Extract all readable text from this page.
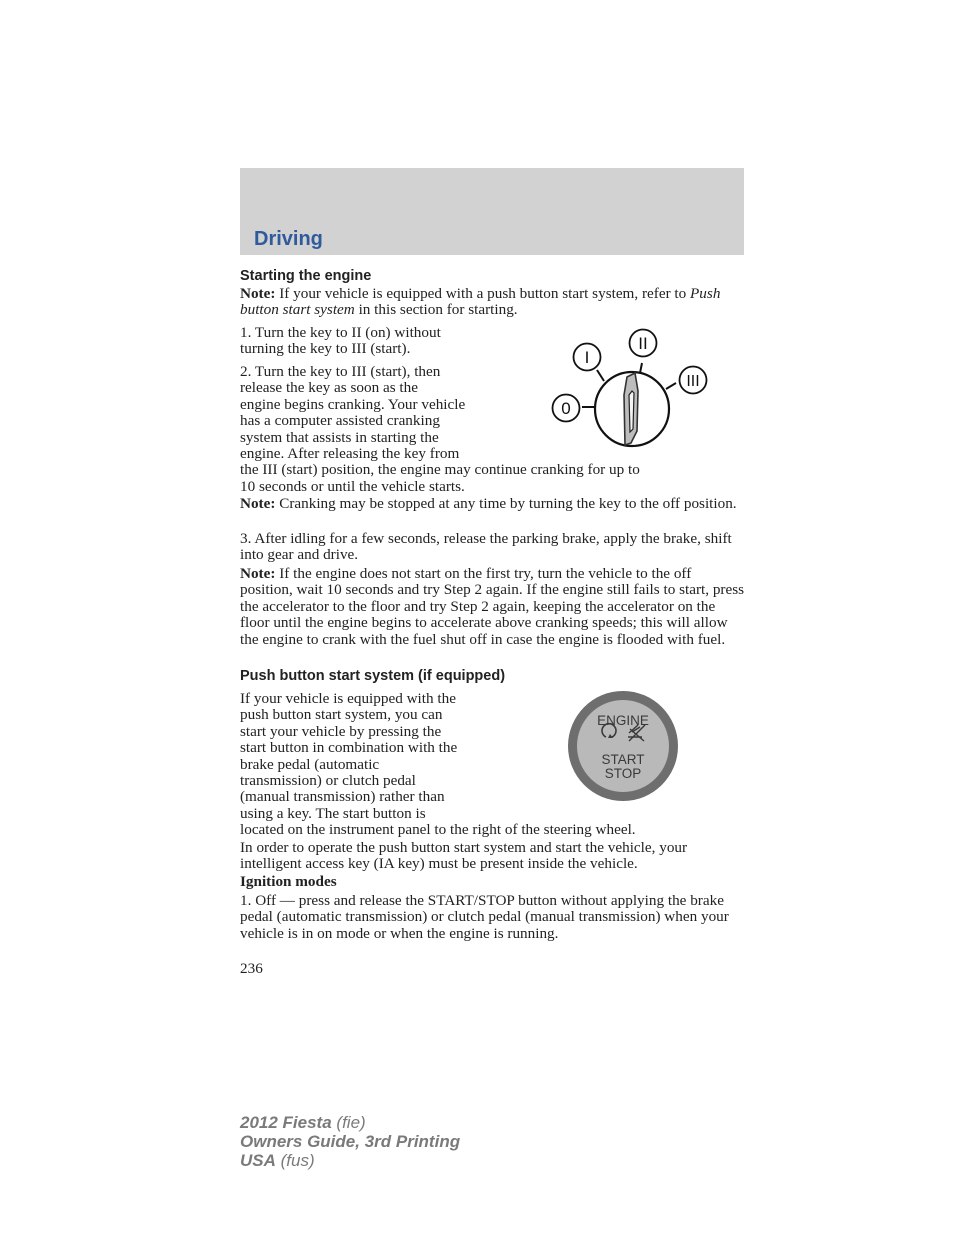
Driving
Starting the engine

Note: If your vehicle is equipped with a push button start system, refer to Push button start system in this section for starting.

1. Turn the key to II (on) without
turning the key to III (start).
2. Turn the key to III (start), then
release the key as soon as the
engine begins cranking. Your vehicle
has a computer assisted cranking
system that assists in starting the
engine. After releasing the key from
the III (start) position, the engine may continue cranking for up to
10 seconds or until the vehicle starts.
0
I
II
III

Note: Cranking may be stopped at any time by turning the key to the off position.

3. After idling for a few seconds, release the parking brake, apply the brake, shift into gear and drive.

Note: If the engine does not start on the first try, turn the vehicle to the off position, wait 10 seconds and try Step 2 again. If the engine still fails to start, press the accelerator to the floor and try Step 2 again, keeping the accelerator on the floor until the engine begins to accelerate above cranking speeds; this will allow the engine to crank with the fuel shut off in case the engine is flooded with fuel.

Push button start system (if equipped)
If your vehicle is equipped with the
push button start system, you can
start your vehicle by pressing the
start button in combination with the
brake pedal (automatic
transmission) or clutch pedal
(manual transmission) rather than
using a key. The start button is
located on the instrument panel to the right of the steering wheel.
ENGINE
START
STOP

In order to operate the push button start system and start the vehicle, your intelligent access key (IA key) must be present inside the vehicle.

Ignition modes

1. Off — press and release the START/STOP button without applying the brake pedal (automatic transmission) or clutch pedal (manual transmission) when your vehicle is in on mode or when the engine is running.

236
2012 Fiesta (fie)
Owners Guide, 3rd Printing
USA (fus)
